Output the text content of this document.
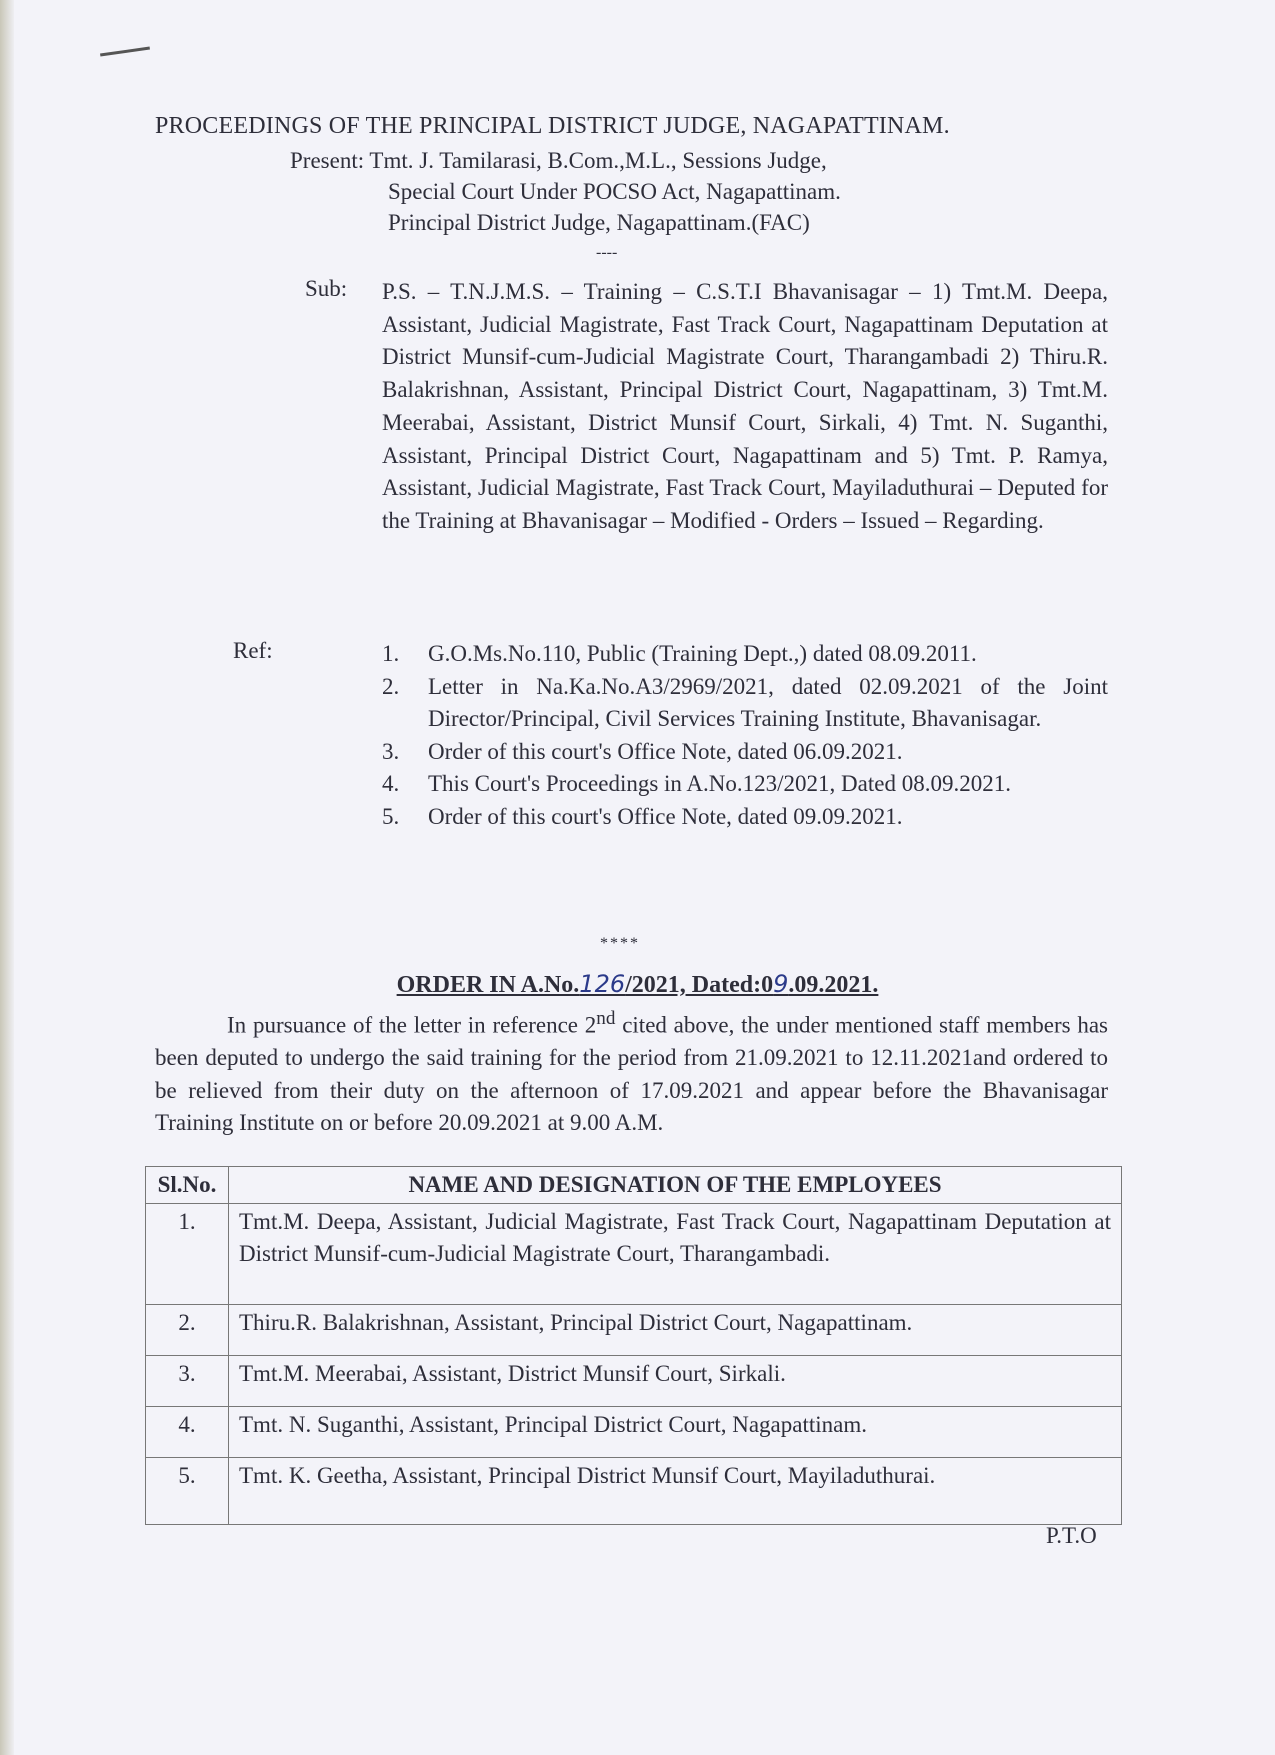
PROCEEDINGS OF THE PRINCIPAL DISTRICT JUDGE, NAGAPATTINAM.
Present: Tmt. J. Tamilarasi, B.Com.,M.L., Sessions Judge,
Special Court Under POCSO Act, Nagapattinam.
Principal District Judge, Nagapattinam.(FAC)
----
Sub: P.S. – T.N.J.M.S. – Training – C.S.T.I Bhavanisagar – 1) Tmt.M. Deepa, Assistant, Judicial Magistrate, Fast Track Court, Nagapattinam Deputation at District Munsif-cum-Judicial Magistrate Court, Tharangambadi 2) Thiru.R. Balakrishnan, Assistant, Principal District Court, Nagapattinam, 3) Tmt.M. Meerabai, Assistant, District Munsif Court, Sirkali, 4) Tmt. N. Suganthi, Assistant, Principal District Court, Nagapattinam and 5) Tmt. P. Ramya, Assistant, Judicial Magistrate, Fast Track Court, Mayiladuthurai – Deputed for the Training at Bhavanisagar – Modified - Orders – Issued – Regarding.
Ref:	1.	G.O.Ms.No.110, Public (Training Dept.,) dated 08.09.2011.
2.	Letter in Na.Ka.No.A3/2969/2021, dated 02.09.2021 of the Joint Director/Principal, Civil Services Training Institute, Bhavanisagar.
3.	Order of this court's Office Note, dated 06.09.2021.
4.	This Court's Proceedings in A.No.123/2021, Dated 08.09.2021.
5.	Order of this court's Office Note, dated 09.09.2021.
****
ORDER IN A.No.126/2021, Dated:09.09.2021.
In pursuance of the letter in reference 2nd cited above, the under mentioned staff members has been deputed to undergo the said training for the period from 21.09.2021 to 12.11.2021and ordered to be relieved from their duty on the afternoon of 17.09.2021 and appear before the Bhavanisagar Training Institute on or before 20.09.2021 at 9.00 A.M.
Sl.No.	NAME AND DESIGNATION OF THE EMPLOYEES
1.	Tmt.M. Deepa, Assistant, Judicial Magistrate, Fast Track Court, Nagapattinam Deputation at District Munsif-cum-Judicial Magistrate Court, Tharangambadi.
2.	Thiru.R. Balakrishnan, Assistant, Principal District Court, Nagapattinam.
3.	Tmt.M. Meerabai, Assistant, District Munsif Court, Sirkali.
4.	Tmt. N. Suganthi, Assistant, Principal District Court, Nagapattinam.
5.	Tmt. K. Geetha, Assistant, Principal District Munsif Court, Mayiladuthurai.
P.T.O
